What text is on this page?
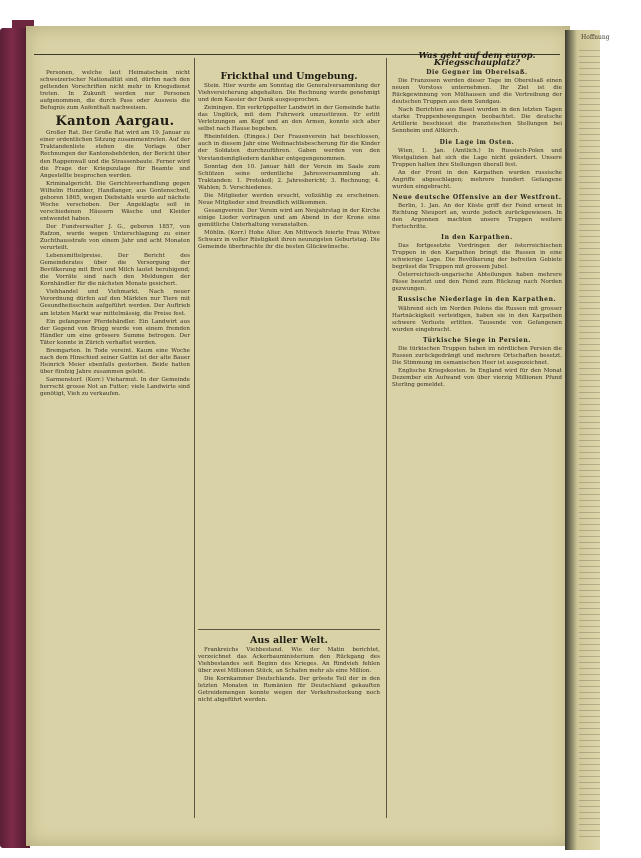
Hoffnung

Personen, welche laut Heimatschein nicht schweizerischer Nationalität sind, dürfen nach den geltenden Vorschriften nicht mehr in Kriegsdienst treten. In Zukunft werden nur Personen aufgenommen, die durch Pass oder Ausweis die Befugnis zum Aufenthalt nachweisen.

Kanton Aargau.

Großer Rat. Der Große Rat wird am 19. Januar zu einer ordentlichen Sitzung zusammentreten. Auf der Traktandenliste stehen die Vorlage über Rechnungen der Kantonsbehörden, der Bericht über den Rappenwall und die Strassenbaute. Ferner wird die Frage der Kriegszulage für Beamte und Angestellte besprochen werden.

Kriminalgericht. Die Gerichtsverhandlung gegen Wilhelm Hunziker, Handlanger, aus Gontenschwil, geboren 1865, wegen Diebstahls wurde auf nächste Woche verschoben. Der Angeklagte soll in verschiedenen Häusern Wäsche und Kleider entwendet haben.

Der Fundverwalter J. G., geboren 1857, von Rafzon, wurde wegen Unterschlagung zu einer Zuchthausstrafe von einem Jahr und acht Monaten verurteilt.

Lebensmittelpreise. Der Bericht des Gemeinderates über die Versorgung der Bevölkerung mit Brot und Milch lautet beruhigend; die Vorräte sind nach den Meldungen der Kornhändler für die nächsten Monate gesichert.

Viehhandel und Viehmarkt. Nach neuer Verordnung dürfen auf den Märkten nur Tiere mit Gesundheitsschein aufgeführt werden. Der Auftrieb am letzten Markt war mittelmässig, die Preise fest.

Ein gefangener Pferdehändler. Ein Landwirt aus der Gegend von Brugg wurde von einem fremden Händler um eine grössere Summe betrogen. Der Täter konnte in Zürich verhaftet werden.

Bremgarten. In Tode vereint. Kaum eine Woche nach dem Hinschied seiner Gattin ist der alte Bauer Heinrich Meier ebenfalls gestorben. Beide hatten über fünfzig Jahre zusammen gelebt.

Sarmenstorf. (Korr.) Vieharmut. In der Gemeinde herrscht grosse Not an Futter; viele Landwirte sind genötigt, Vieh zu verkaufen.

Frickthal und Umgebung.

Stein. Hier wurde am Sonntag die Generalversammlung der Viehversicherung abgehalten. Die Rechnung wurde genehmigt und dem Kassier der Dank ausgesprochen.

Zeiningen. Ein verkrüppelter Landwirt in der Gemeinde hatte das Unglück, mit dem Fuhrwerk umzustürzen. Er erlitt Verletzungen am Kopf und an den Armen, konnte sich aber selbst nach Hause begeben.

Rheinfelden. (Einges.) Der Frauenverein hat beschlossen, auch in diesem Jahr eine Weihnachtsbescherung für die Kinder der Soldaten durchzuführen. Gaben werden von den Vorstandsmitgliedern dankbar entgegengenommen.

Sonntag den 10. Januar hält der Verein im Saale zum Schützen seine ordentliche Jahresversammlung ab. Traktanden: 1. Protokoll; 2. Jahresbericht; 3. Rechnung; 4. Wahlen; 5. Verschiedenes.

Die Mitglieder werden ersucht, vollzählig zu erscheinen. Neue Mitglieder sind freundlich willkommen.

Gesangverein. Der Verein wird am Neujahrstag in der Kirche einige Lieder vortragen und am Abend in der Krone eine gemütliche Unterhaltung veranstalten.

Möhlin. (Korr.) Hohe Alter. Am Mittwoch feierte Frau Witwe Schwarz in voller Rüstigkeit ihren neunzigsten Geburtstag. Die Gemeinde überbrachte ihr die besten Glückwünsche.

Aus aller Welt.

Frankreichs Viehbestand. Wie der Matin berichtet, verzeichnet das Ackerbauministerium den Rückgang des Viehbestandes seit Beginn des Krieges. An Rindvieh fehlen über zwei Millionen Stück, an Schafen mehr als eine Million.

Die Kornkammer Deutschlands. Der grösste Teil der in den letzten Monaten in Rumänien für Deutschland gekauften Getreidemengen konnte wegen der Verkehrsstockung noch nicht abgeführt werden.

Was geht auf dem europ. Kriegsschauplatz?
Die Gegner im Oberelsaß.

Die Franzosen werden dieser Tage im Oberelsaß einen neuen Vorstoss unternehmen. Ihr Ziel ist die Rückgewinnung von Mülhausen und die Vertreibung der deutschen Truppen aus dem Sundgau.

Nach Berichten aus Basel wurden in den letzten Tagen starke Truppenbewegungen beobachtet. Die deutsche Artillerie beschiesst die französischen Stellungen bei Sennheim und Altkirch.

Die Lage im Osten.

Wien, 1. Jan. (Amtlich.) In Russisch-Polen und Westgalizien hat sich die Lage nicht geändert. Unsere Truppen halten ihre Stellungen überall fest.

An der Front in den Karpathen wurden russische Angriffe abgeschlagen; mehrere hundert Gefangene wurden eingebracht.

Neue deutsche Offensive an der Westfront.

Berlin, 1. Jan. An der Küste griff der Feind erneut in Richtung Nieuport an, wurde jedoch zurückgewiesen. In den Argonnen machten unsere Truppen weitere Fortschritte.

In den Karpathen.

Das fortgesetzte Vordringen der österreichischen Truppen in den Karpathen bringt die Russen in eine schwierige Lage. Die Bevölkerung der befreiten Gebiete begrüsst die Truppen mit grossem Jubel.

Österreichisch-ungarische Abteilungen haben mehrere Pässe besetzt und den Feind zum Rückzug nach Norden gezwungen.

Russische Niederlage in den Karpathen.

Während sich im Norden Polens die Russen mit grosser Hartnäckigkeit verteidigen, haben sie in den Karpathen schwere Verluste erlitten. Tausende von Gefangenen wurden eingebracht.

Türkische Siege in Persien.

Die türkischen Truppen haben im nördlichen Persien die Russen zurückgedrängt und mehrere Ortschaften besetzt. Die Stimmung im osmanischen Heer ist ausgezeichnet.

Englische Kriegskosten. In England wird für den Monat Dezember ein Aufwand von über vierzig Millionen Pfund Sterling gemeldet.
